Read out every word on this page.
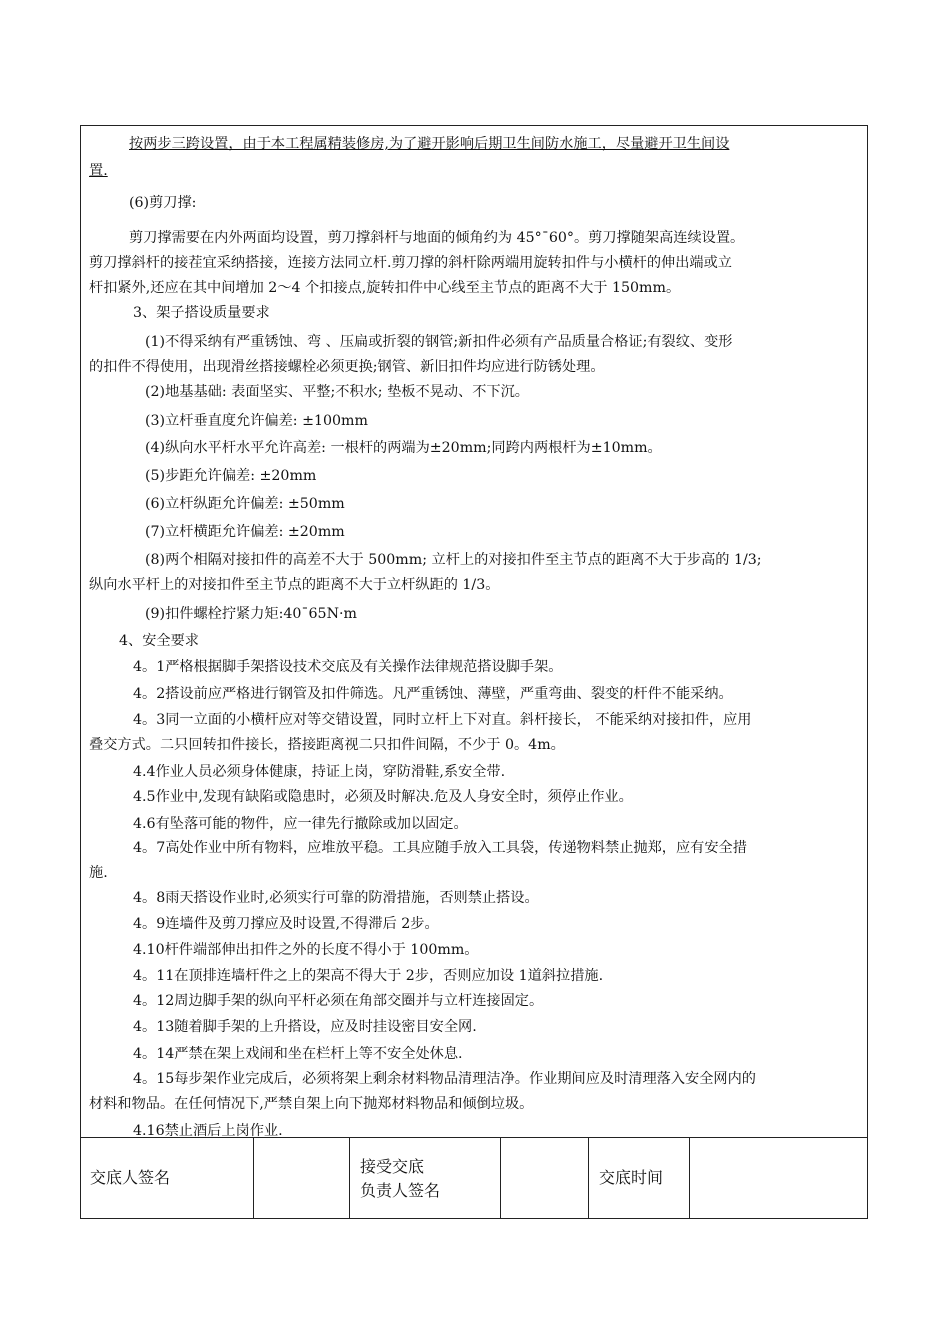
按两步三跨设置，由于本工程属精装修房,为了避开影响后期卫生间防水施工，尽量避开卫生间设
置.
(6)剪刀撑:
剪刀撑需要在内外两面均设置，剪刀撑斜杆与地面的倾角约为 45°¯60°。剪刀撑随架高连续设置。
剪刀撑斜杆的接茬宜采纳搭接，连接方法同立杆.剪刀撑的斜杆除两端用旋转扣件与小横杆的伸出端或立
杆扣紧外,还应在其中间增加 2～4 个扣接点,旋转扣件中心线至主节点的距离不大于 150mm。
3、架子搭设质量要求
(1)不得采纳有严重锈蚀、弯 、压扁或折裂的钢管;新扣件必须有产品质量合格证;有裂纹、变形
的扣件不得使用，出现滑丝搭接螺栓必须更换;钢管、新旧扣件均应进行防锈处理。
(2)地基基础: 表面坚实、平整;不积水; 垫板不晃动、不下沉。
(3)立杆垂直度允许偏差: ±100mm
(4)纵向水平杆水平允许高差: 一根杆的两端为±20mm;同跨内两根杆为±10mm。
(5)步距允许偏差: ±20mm
(6)立杆纵距允许偏差: ±50mm
(7)立杆横距允许偏差: ±20mm
(8)两个相隔对接扣件的高差不大于 500mm; 立杆上的对接扣件至主节点的距离不大于步高的 1/3;
纵向水平杆上的对接扣件至主节点的距离不大于立杆纵距的 1/3。
(9)扣件螺栓拧紧力矩:40¯65N·m
4、安全要求
4。1严格根据脚手架搭设技术交底及有关操作法律规范搭设脚手架。
4。2搭设前应严格进行钢管及扣件筛选。凡严重锈蚀、薄壁，严重弯曲、裂变的杆件不能采纳。
4。3同一立面的小横杆应对等交错设置，同时立杆上下对直。斜杆接长， 不能采纳对接扣件，应用
叠交方式。二只回转扣件接长，搭接距离视二只扣件间隔，不少于 0。4m。
4.4作业人员必须身体健康，持证上岗，穿防滑鞋,系安全带.
4.5作业中,发现有缺陷或隐患时，必须及时解决.危及人身安全时，须停止作业。
4.6有坠落可能的物件，应一律先行撤除或加以固定。
4。7高处作业中所有物料，应堆放平稳。工具应随手放入工具袋，传递物料禁止抛郑，应有安全措
施.
4。8雨天搭设作业时,必须实行可靠的防滑措施，否则禁止搭设。
4。9连墙件及剪刀撑应及时设置,不得滞后 2步。
4.10杆件端部伸出扣件之外的长度不得小于 100mm。
4。11在顶排连墙杆件之上的架高不得大于 2步，否则应加设 1道斜拉措施.
4。12周边脚手架的纵向平杆必须在角部交圈并与立杆连接固定。
4。13随着脚手架的上升搭设，应及时挂设密目安全网.
4。14严禁在架上戏闹和坐在栏杆上等不安全处休息.
4。15每步架作业完成后，必须将架上剩余材料物品清理洁净。作业期间应及时清理落入安全网内的
材料和物品。在任何情况下,严禁自架上向下抛郑材料物品和倾倒垃圾。
4.16禁止酒后上岗作业.
交底人签名
接受交底
负责人签名
交底时间
